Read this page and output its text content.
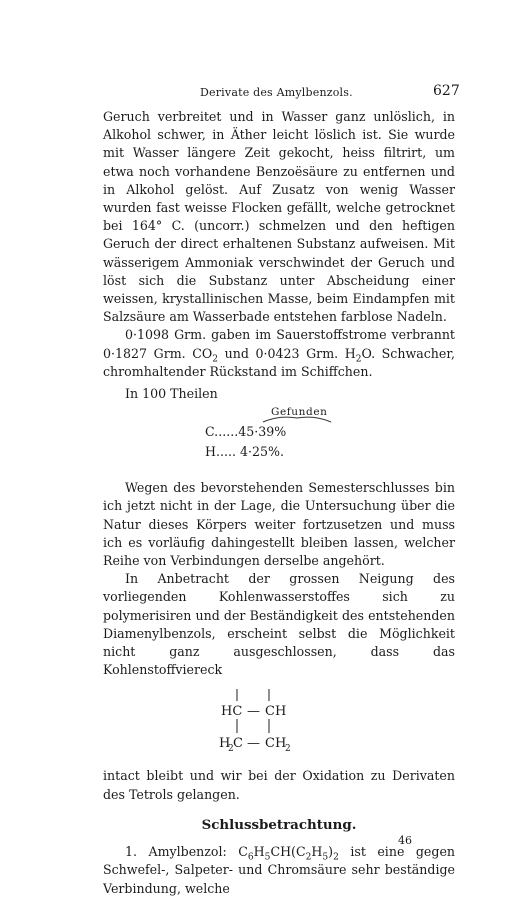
Derivate des Amylbenzols.	627

Geruch verbreitet und in Wasser ganz unlöslich, in Alkohol schwer, in Äther leicht löslich ist. Sie wurde mit Wasser längere Zeit gekocht, heiss filtrirt, um etwa noch vorhandene Benzoësäure zu entfernen und in Alkohol gelöst. Auf Zusatz von wenig Wasser wurden fast weisse Flocken gefällt, welche getrocknet bei 164° C. (uncorr.) schmelzen und den heftigen Geruch der direct erhaltenen Substanz aufweisen. Mit wässerigem Ammoniak verschwindet der Geruch und löst sich die Substanz unter Abscheidung einer weissen, krystallinischen Masse, beim Eindampfen mit Salzsäure am Wasserbade entstehen farblose Nadeln.

0·1098 Grm. gaben im Sauerstoffstrome verbrannt 0·1827 Grm. $CO_2$ und 0·0423 Grm. $H_2O$. Schwacher, chromhaltender Rückstand im Schiffchen.

In 100 Theilen

Gefunden
C......45·39%
H..... 4·25%.

Wegen des bevorstehenden Semesterschlusses bin ich jetzt nicht in der Lage, die Untersuchung über die Natur dieses Körpers weiter fortzusetzen und muss ich es vorläufig dahingestellt bleiben lassen, welcher Reihe von Verbindungen derselbe angehört.

In Anbetracht der grossen Neigung des vorliegenden Kohlenwasserstoffes sich zu polymerisiren und der Beständigkeit des entstehenden Diamenylbenzols, erscheint selbst die Möglichkeit nicht ganz ausgeschlossen, dass das Kohlenstoffviereck

HC — CH
H
2 C — CH
2

intact bleibt und wir bei der Oxidation zu Derivaten des Tetrols gelangen.

Schlussbetrachtung.

1. Amylbenzol: $C_6H_5CH(C_2H_5)_2$ ist eine gegen Schwefel-, Salpeter- und Chromsäure sehr beständige Verbindung, welche

46
